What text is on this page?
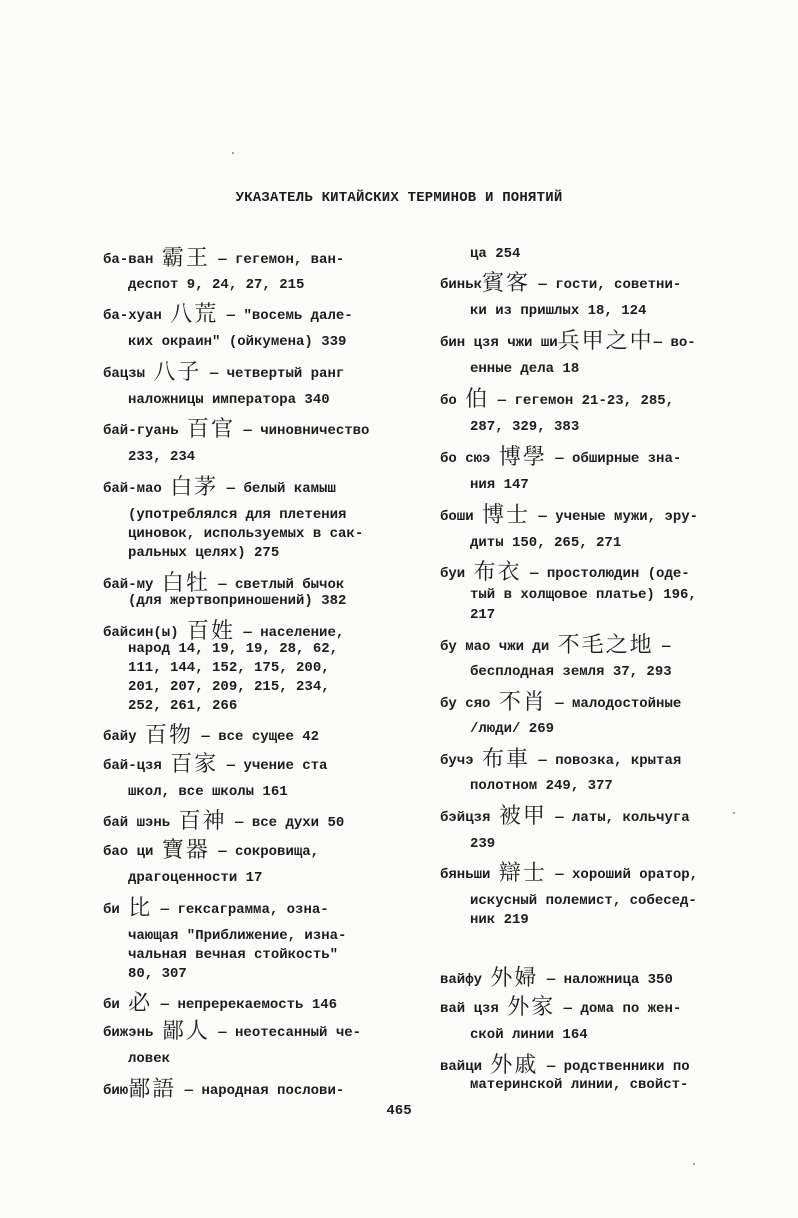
УКАЗАТЕЛЬ КИТАЙСКИХ ТЕРМИНОВ И ПОНЯТИЙ
ба-ван 霸王 — гегемон, ван-
деспот 9, 24, 27, 215
ба-хуан 八荒 — "восемь дале-
ких окраин" (ойкумена) 339
бацзы 八子 — четвертый ранг
наложницы императора 340
бай-гуань 百官 — чиновничество
233, 234
бай-мао 白茅 — белый камыш
(употреблялся для плетения
циновок, используемых в сак-
ральных целях) 275
бай-му 白牡 — светлый бычок
(для жертвоприношений) 382
байсин(ы) 百姓 — население,
народ 14, 19, 19, 28, 62,
111, 144, 152, 175, 200,
201, 207, 209, 215, 234,
252, 261, 266
байу 百物 — все сущее 42
бай-цзя 百家 — учение ста
школ, все школы 161
бай шэнь 百神 — все духи 50
бао ци 寶器 — сокровища,
драгоценности 17
би 比 — гексаграмма, озна-
чающая "Приближение, изна-
чальная вечная стойкость"
80, 307
би 必 — непререкаемость 146
бижэнь 鄙人 — неотесанный че-
ловек
бию鄙語 — народная послови-
ца 254
биньк賓客 — гости, советни-
ки из пришлых 18, 124
бин цзя чжи ши兵甲之中— во-
енные дела 18
бо 伯 — гегемон 21-23, 285,
287, 329, 383
бо сюэ 博學 — обширные зна-
ния 147
боши 博士 — ученые мужи, эру-
диты 150, 265, 271
буи 布衣 — простолюдин (оде-
тый в холщовое платье) 196,
217
бу мао чжи ди 不毛之地 —
бесплодная земля 37, 293
бу сяо 不肖 — малодостойные
/люди/ 269
бучэ 布車 — повозка, крытая
полотном 249, 377
бэйцзя 被甲 — латы, кольчуга
239
бяньши 辯士 — хороший оратор,
искусный полемист, собесед-
ник 219
вайфу 外婦 — наложница 350
вай цзя 外家 — дома по жен-
ской линии 164
вайци 外戚 — родственники по
материнской линии, свойст-
465
